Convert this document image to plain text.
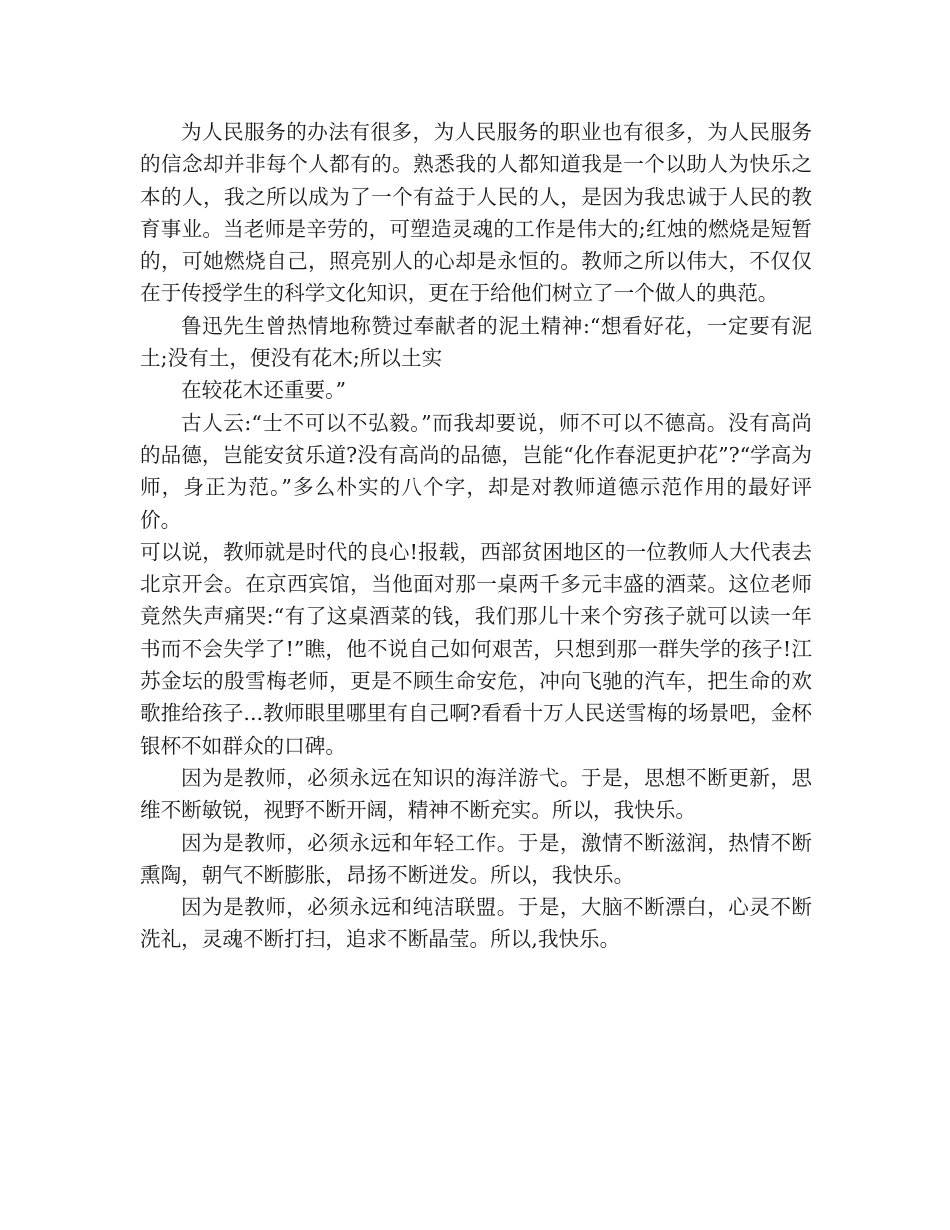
为人民服务的办法有很多，为人民服务的职业也有很多，为人民服务的信念却并非每个人都有的。熟悉我的人都知道我是一个以助人为快乐之本的人，我之所以成为了一个有益于人民的人，是因为我忠诚于人民的教育事业。当老师是辛劳的，可塑造灵魂的工作是伟大的;红烛的燃烧是短暂的，可她燃烧自己，照亮别人的心却是永恒的。教师之所以伟大，不仅仅在于传授学生的科学文化知识，更在于给他们树立了一个做人的典范。

鲁迅先生曾热情地称赞过奉献者的泥土精神:“想看好花，一定要有泥土;没有土，便没有花木;所以土实

在较花木还重要。”

古人云:“士不可以不弘毅。”而我却要说，师不可以不德高。没有高尚的品德，岂能安贫乐道?没有高尚的品德，岂能“化作春泥更护花”?“学高为师，身正为范。”多么朴实的八个字，却是对教师道德示范作用的最好评价。

可以说，教师就是时代的良心!报载，西部贫困地区的一位教师人大代表去北京开会。在京西宾馆，当他面对那一桌两千多元丰盛的酒菜。这位老师竟然失声痛哭:“有了这桌酒菜的钱，我们那儿十来个穷孩子就可以读一年书而不会失学了!”瞧，他不说自己如何艰苦，只想到那一群失学的孩子!江苏金坛的殷雪梅老师，更是不顾生命安危，冲向飞驰的汽车，把生命的欢歌推给孩子...教师眼里哪里有自己啊?看看十万人民送雪梅的场景吧，金杯银杯不如群众的口碑。

因为是教师，必须永远在知识的海洋游弋。于是，思想不断更新，思维不断敏锐，视野不断开阔，精神不断充实。所以，我快乐。

因为是教师，必须永远和年轻工作。于是，激情不断滋润，热情不断熏陶，朝气不断膨胀，昂扬不断迸发。所以，我快乐。

因为是教师，必须永远和纯洁联盟。于是，大脑不断漂白，心灵不断洗礼，灵魂不断打扫，追求不断晶莹。所以,我快乐。
